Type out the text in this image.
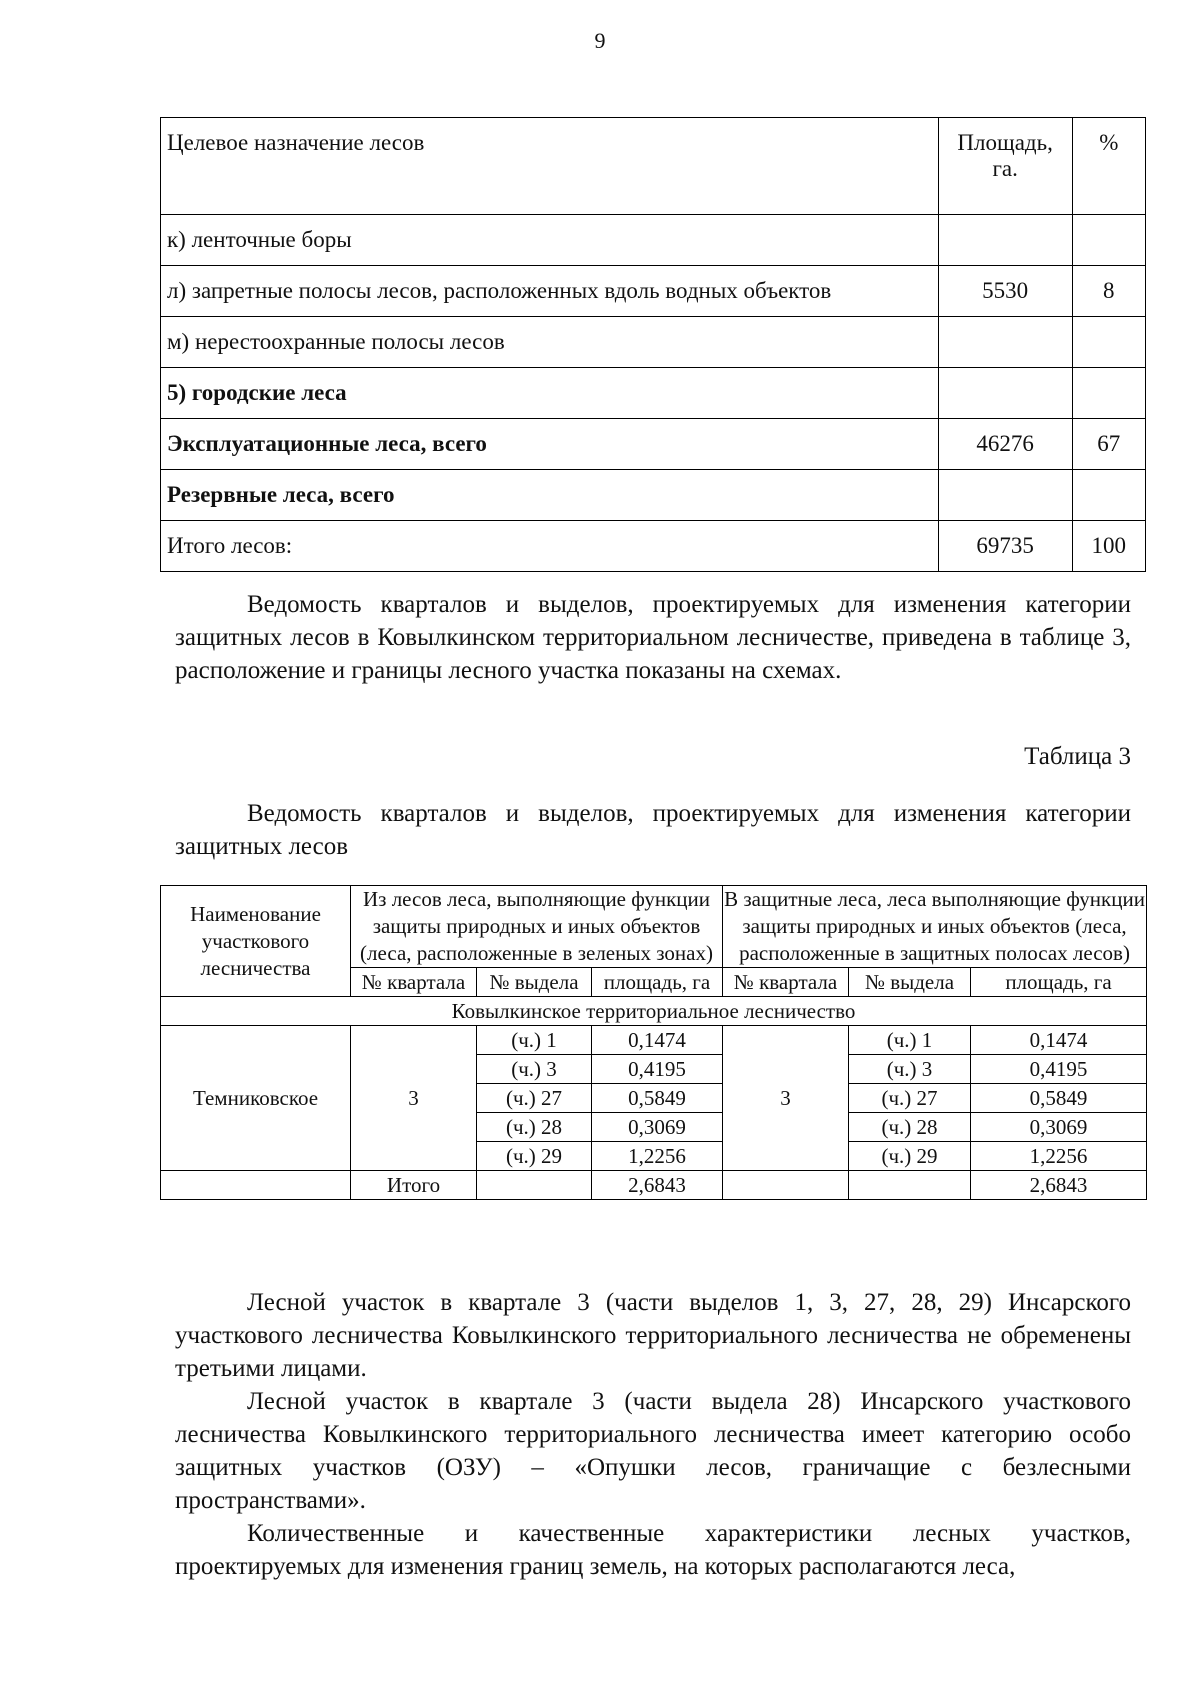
9
Целевое назначение лесов	Площадь, га.	%
к) ленточные боры		
л) запретные полосы лесов, расположенных вдоль водных объектов	5530	8
м) нерестоохранные полосы лесов		
5) городские леса		
Эксплуатационные леса, всего	46276	67
Резервные леса, всего		
Итого лесов:	69735	100
Ведомость кварталов и выделов, проектируемых для изменения категории защитных лесов в Ковылкинском территориальном лесничестве, приведена в таблице 3, расположение и границы лесного участка показаны на схемах.
Таблица 3
Ведомость кварталов и выделов, проектируемых для изменения категории защитных лесов
Наименование участкового лесничества	Из лесов леса, выполняющие функции защиты природных и иных объектов (леса, расположенные в зеленых зонах)			В защитные леса, леса выполняющие функции защиты природных и иных объектов (леса, расположенные в защитных полосах лесов)		
	№ квартала	№ выдела	площадь, га	№ квартала	№ выдела	площадь, га
Ковылкинское территориальное лесничество						
Темниковское	3	(ч.) 1	0,1474	3	(ч.) 1	0,1474
		(ч.) 3	0,4195		(ч.) 3	0,4195
		(ч.) 27	0,5849		(ч.) 27	0,5849
		(ч.) 28	0,3069		(ч.) 28	0,3069
		(ч.) 29	1,2256		(ч.) 29	1,2256
	Итого		2,6843			2,6843
Лесной участок в квартале 3 (части выделов 1, 3, 27, 28, 29) Инсарского участкового лесничества Ковылкинского территориального лесничества не обременены третьими лицами.
Лесной участок в квартале 3 (части выдела 28) Инсарского участкового лесничества Ковылкинского территориального лесничества имеет категорию особо защитных участков (ОЗУ) – «Опушки лесов, граничащие с безлесными пространствами».
Количественные и качественные характеристики лесных участков, проектируемых для изменения границ земель, на которых располагаются леса,
